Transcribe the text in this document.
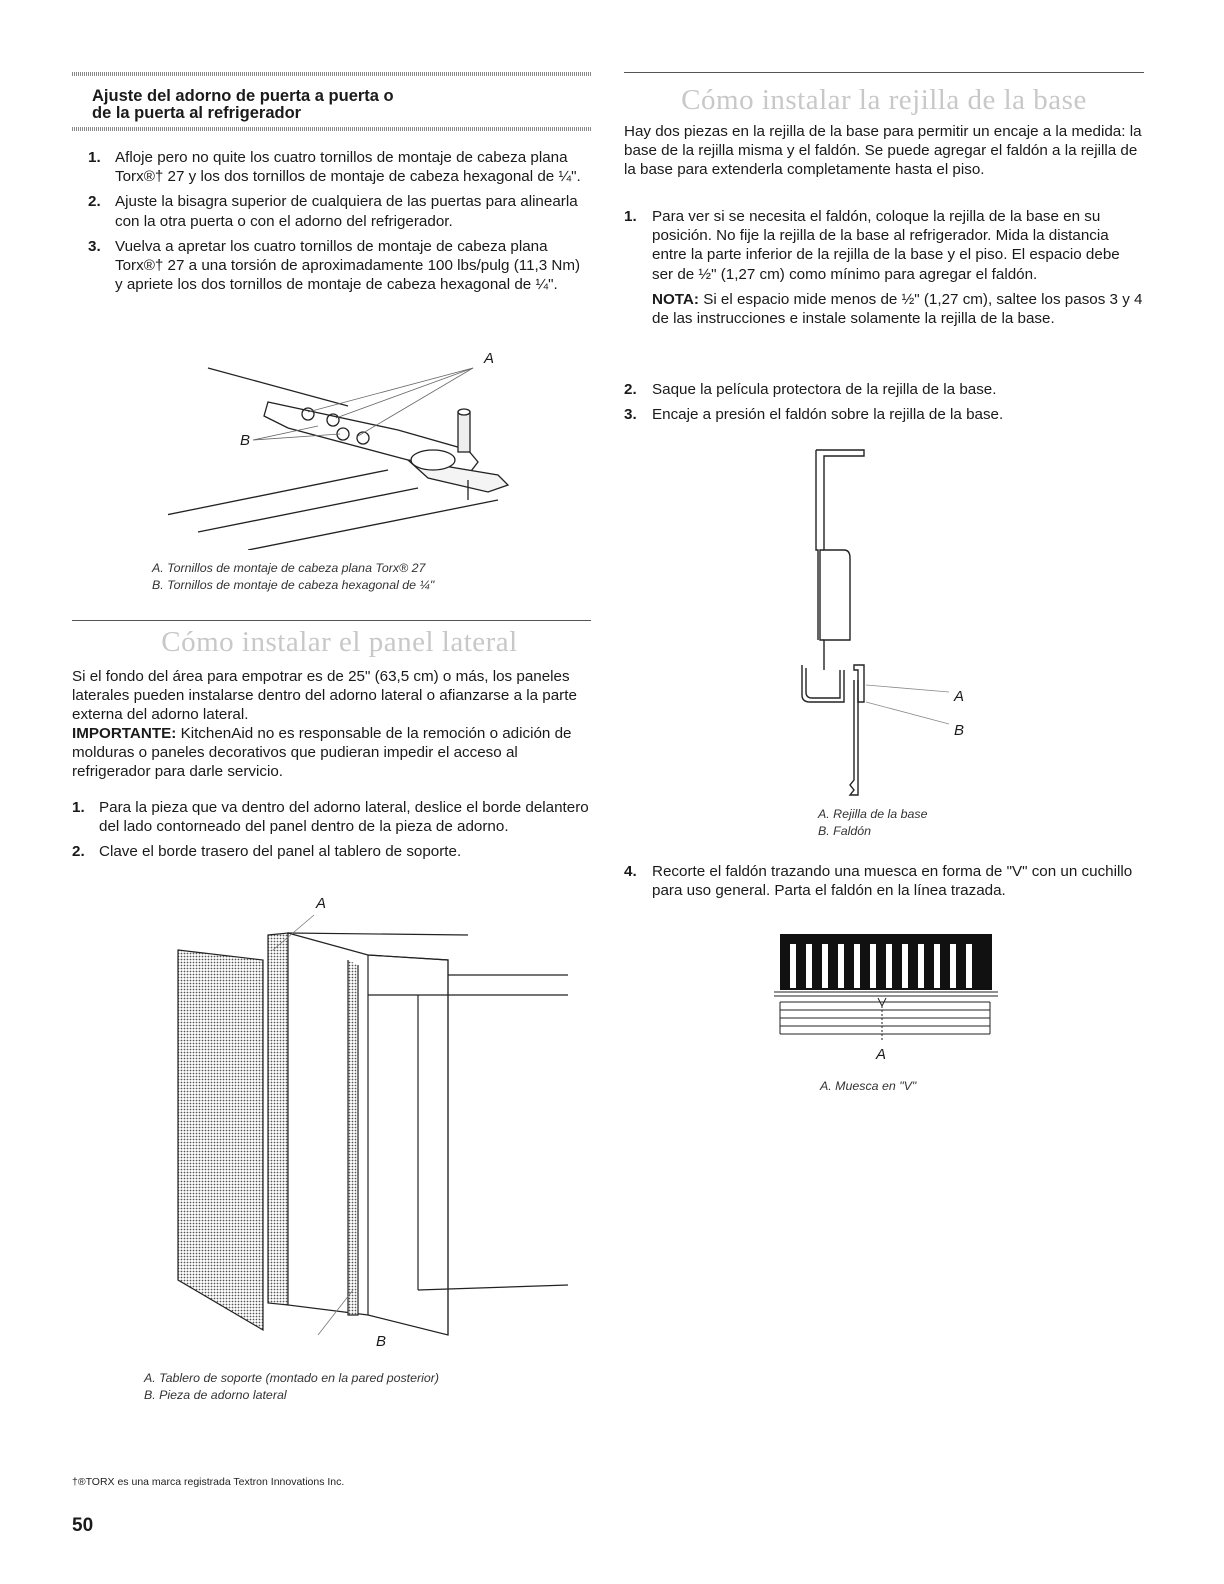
Ajuste del adorno de puerta a puerta o

de la puerta al refrigerador

1. Afloje pero no quite los cuatro tornillos de montaje de cabeza plana Torx®† 27 y los dos tornillos de montaje de cabeza hexagonal de ¼".
2. Ajuste la bisagra superior de cualquiera de las puertas para alinearla con la otra puerta o con el adorno del refrigerador.
3. Vuelva a apretar los cuatro tornillos de montaje de cabeza plana Torx®† 27 a una torsión de aproximadamente 100 lbs/pulg (11,3 Nm) y apriete los dos tornillos de montaje de cabeza hexagonal de ¼".
A
B
A. Tornillos de montaje de cabeza plana Torx® 27
B. Tornillos de montaje de cabeza hexagonal de ¼"
Cómo instalar el panel lateral

Si el fondo del área para empotrar es de 25" (63,5 cm) o más, los paneles laterales pueden instalarse dentro del adorno lateral o afianzarse a la parte externa del adorno lateral.

IMPORTANTE: KitchenAid no es responsable de la remoción o adición de molduras o paneles decorativos que pudieran impedir el acceso al refrigerador para darle servicio.

1. Para la pieza que va dentro del adorno lateral, deslice el borde delantero del lado contorneado del panel dentro de la pieza de adorno.
2. Clave el borde trasero del panel al tablero de soporte.
A
B
A. Tablero de soporte (montado en la pared posterior)
B. Pieza de adorno lateral
†®TORX es una marca registrada Textron Innovations Inc.
50
Cómo instalar la rejilla de la base

Hay dos piezas en la rejilla de la base para permitir un encaje a la medida: la base de la rejilla misma y el faldón. Se puede agregar el faldón a la rejilla de la base para extenderla completamente hasta el piso.

1. Para ver si se necesita el faldón, coloque la rejilla de la base en su posición. No fije la rejilla de la base al refrigerador. Mida la distancia entre la parte inferior de la rejilla de la base y el piso. El espacio debe ser de ½" (1,27 cm) como mínimo para agregar el faldón.

NOTA: Si el espacio mide menos de ½" (1,27 cm), saltee los pasos 3 y 4 de las instrucciones e instale solamente la rejilla de la base.

2. Saque la película protectora de la rejilla de la base.
3. Encaje a presión el faldón sobre la rejilla de la base.
A
B
A. Rejilla de la base
B. Faldón
4. Recorte el faldón trazando una muesca en forma de "V" con un cuchillo para uso general. Parta el faldón en la línea trazada.
A
A. Muesca en "V"
